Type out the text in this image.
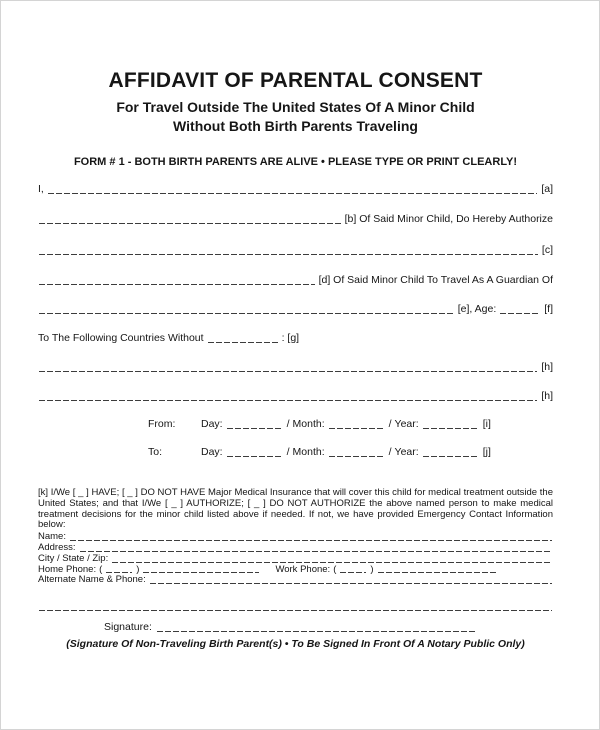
AFFIDAVIT OF PARENTAL CONSENT
For Travel Outside The United States Of A Minor Child
Without Both Birth Parents Traveling
FORM # 1 - BOTH BIRTH PARENTS ARE ALIVE • PLEASE TYPE OR PRINT CLEARLY!
I,	[a]
[b] Of Said Minor Child, Do Hereby Authorize
[c]
[d] Of Said Minor Child To Travel As A Guardian Of
[e], Age:	[f]
To The Following Countries Without	: [g]
[h]
[h]
From:	Day:	/ Month:	/ Year:	[i]
To:	Day:	/ Month:	/ Year:	[j]

[k] I/We [ _ ] HAVE; [ _ ] DO NOT HAVE Major Medical Insurance that will cover this child for medical treatment outside the United States; and that I/We [ _ ] AUTHORIZE; [ _ ] DO NOT AUTHORIZE the above named person to make medical treatment decisions for the minor child listed above if needed. If not, we have provided Emergency Contact Information below:

Name:
Address:
City / State / Zip:
Home Phone: (	)	Work Phone: (	)
Alternate Name & Phone:
Signature:
(Signature Of Non-Traveling Birth Parent(s) • To Be Signed In Front Of A Notary Public Only)
